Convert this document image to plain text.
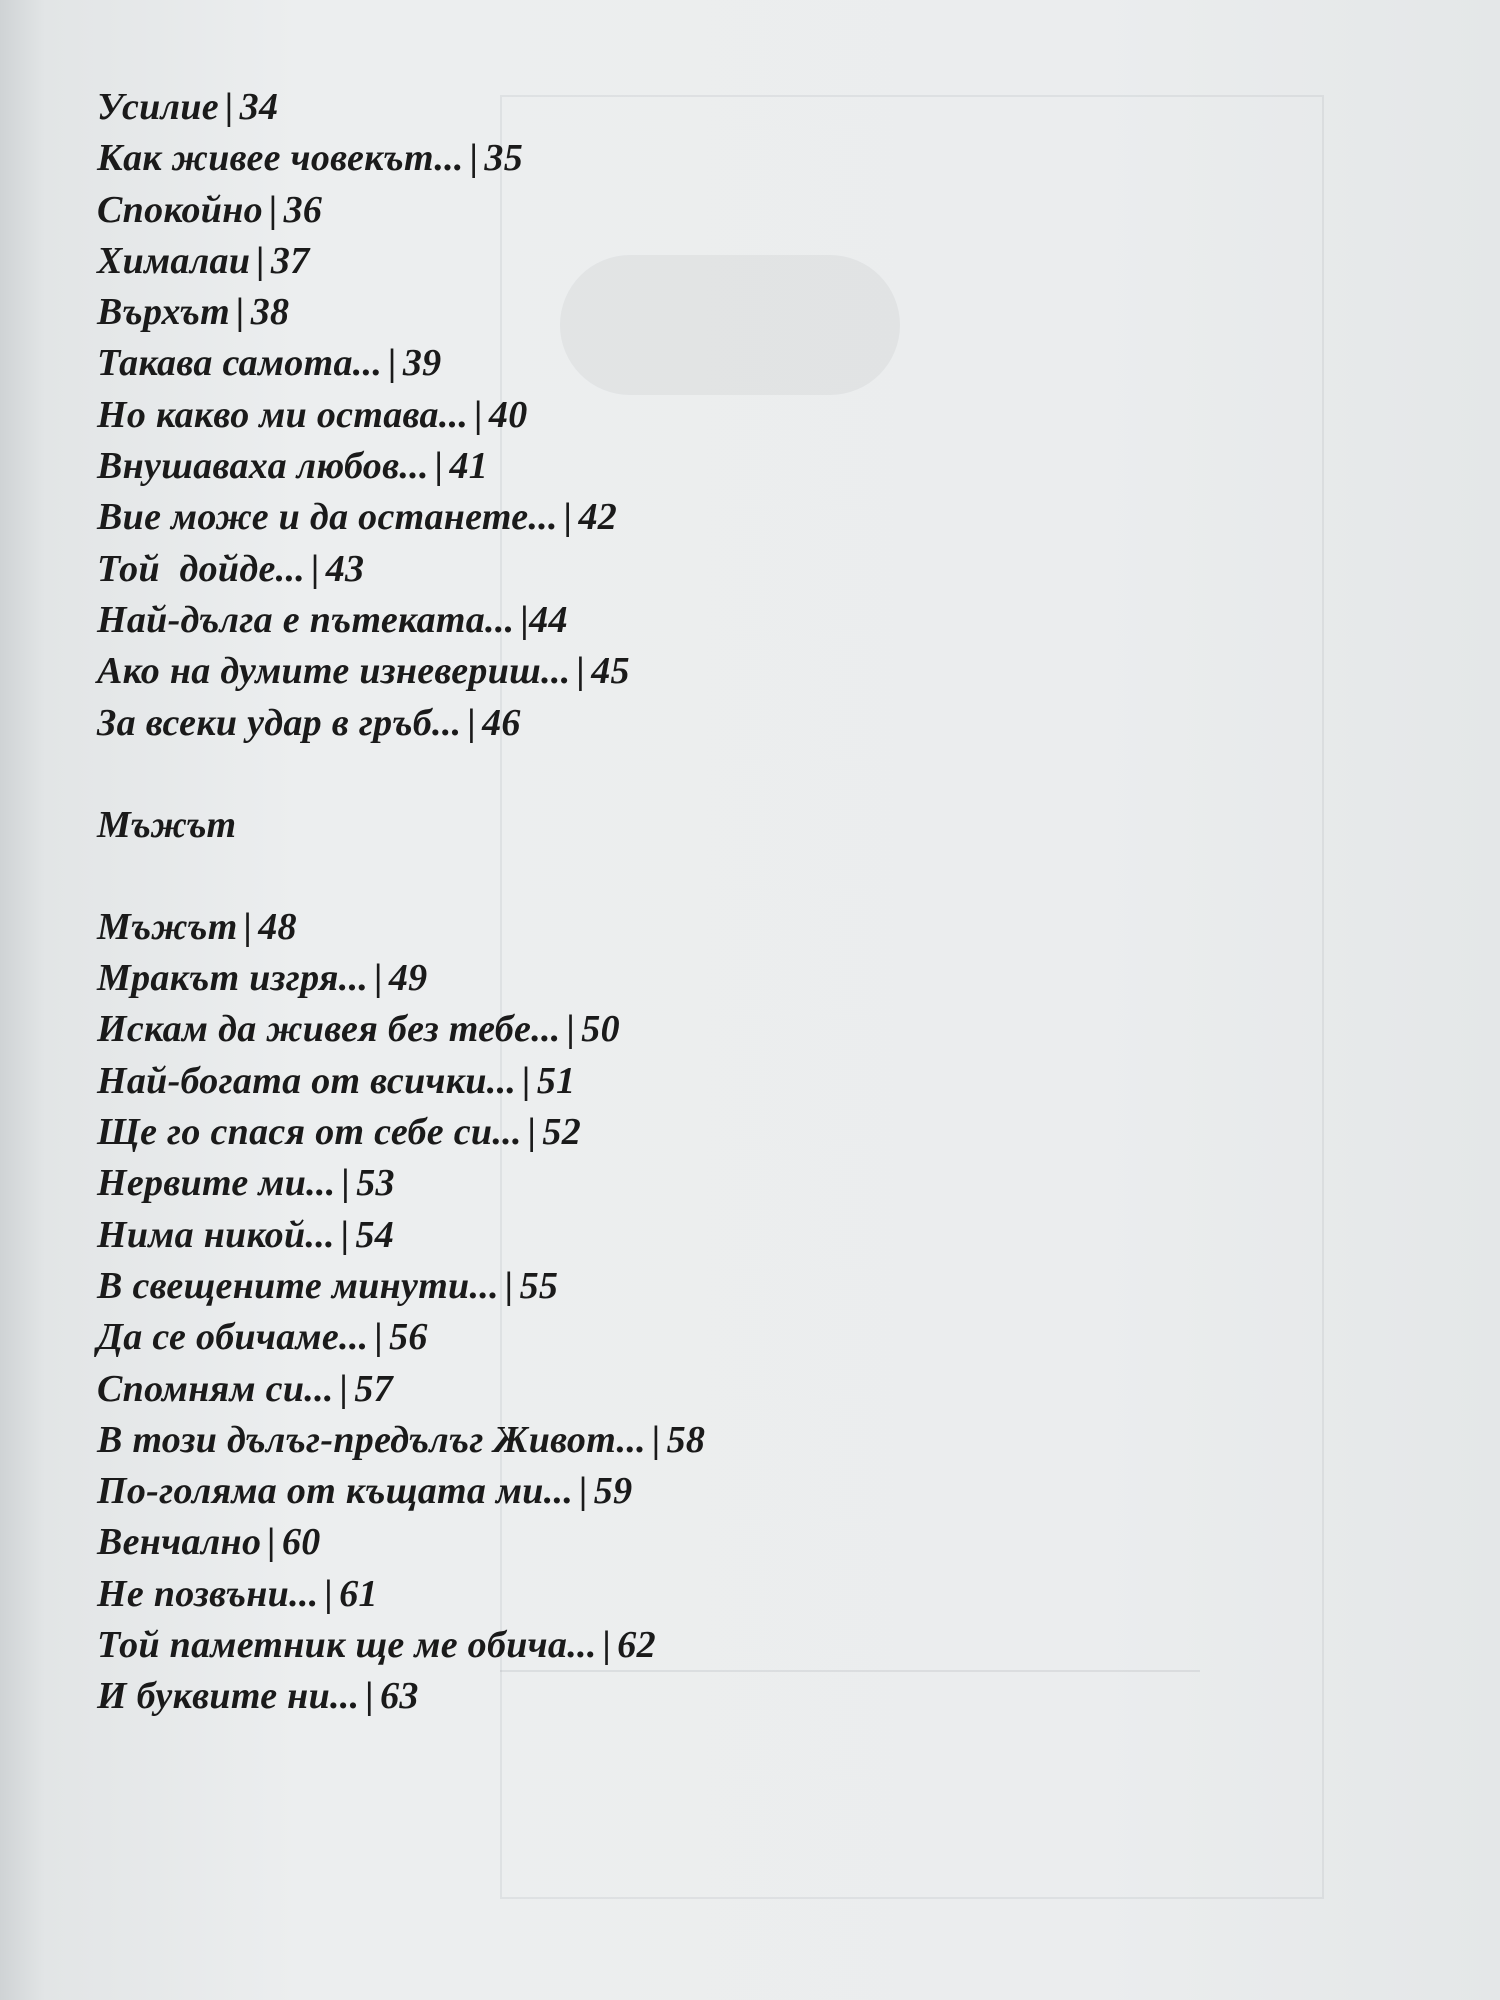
Усилие | 34
Как живее човекът... | 35
Спокойно | 36
Хималаи | 37
Върхът | 38
Такава самота... | 39
Но какво ми остава... | 40
Внушаваха любов... | 41
Вие може и да останете... | 42
Той  дойде... | 43
Най-дълга е пътеката... |44
Ако на думите изневериш... | 45
За всеки удар в гръб... | 46
Мъжът
Мъжът | 48
Мракът изгря... | 49
Искам да живея без тебе... | 50
Най-богата от всички... | 51
Ще го спася от себе си... | 52
Нервите ми... | 53
Нима никой... | 54
В свещените минути... | 55
Да се обичаме... | 56
Спомням си... | 57
В този дълъг-предълъг Живот... | 58
По-голяма от къщата ми... | 59
Венчално | 60
Не позвъни... | 61
Той паметник ще ме обича... | 62
И буквите ни... | 63
